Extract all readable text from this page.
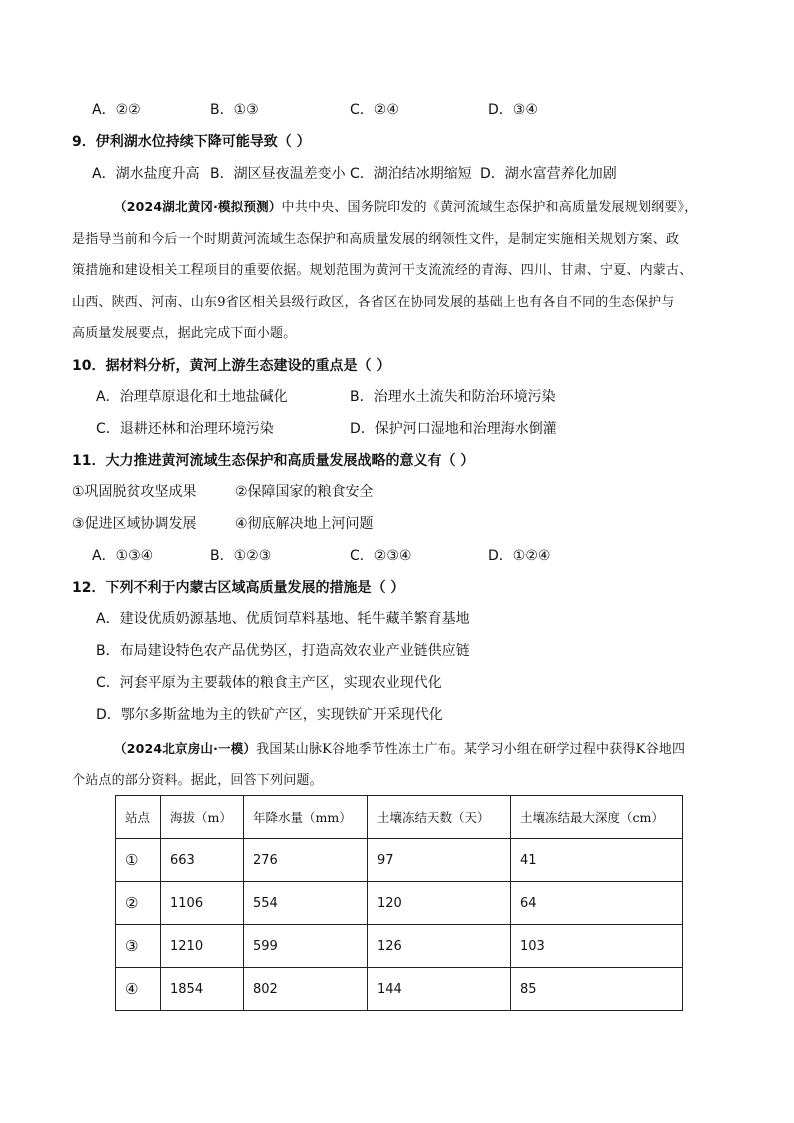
A．②②	B．①③	C．②④	D．③④
9．伊利湖水位持续下降可能导致（ ）
A．湖水盐度升高 B．湖区昼夜温差变小 C．湖泊结冰期缩短 D．湖水富营养化加剧

（2024湖北黄冈·模拟预测）中共中央、国务院印发的《黄河流域生态保护和高质量发展规划纲要》，

是指导当前和今后一个时期黄河流域生态保护和高质量发展的纲领性文件，是制定实施相关规划方案、政

策措施和建设相关工程项目的重要依据。规划范围为黄河干支流流经的青海、四川、甘肃、宁夏、内蒙古、

山西、陕西、河南、山东9省区相关县级行政区，各省区在协同发展的基础上也有各自不同的生态保护与

高质量发展要点，据此完成下面小题。

10．据材料分析，黄河上游生态建设的重点是（ ）
A．治理草原退化和土地盐碱化	B．治理水土流失和防治环境污染
C．退耕还林和治理环境污染	D．保护河口湿地和治理海水倒灌
11．大力推进黄河流域生态保护和高质量发展战略的意义有（ ）
①巩固脱贫攻坚成果	②保障国家的粮食安全
③促进区域协调发展	④彻底解决地上河问题
A．①③④	B．①②③	C．②③④	D．①②④
12．下列不利于内蒙古区域高质量发展的措施是（ ）
A．建设优质奶源基地、优质饲草料基地、牦牛藏羊繁育基地
B．布局建设特色农产品优势区，打造高效农业产业链供应链
C．河套平原为主要载体的粮食主产区，实现农业现代化
D．鄂尔多斯盆地为主的铁矿产区，实现铁矿开采现代化

（2024北京房山·一模）我国某山脉K谷地季节性冻土广布。某学习小组在研学过程中获得K谷地四

个站点的部分资料。据此，回答下列问题。

站点	海拔（m）	年降水量（mm）	土壤冻结天数（天）	土壤冻结最大深度（cm）
①	663	276	97	41
②	1106	554	120	64
③	1210	599	126	103
④	1854	802	144	85
